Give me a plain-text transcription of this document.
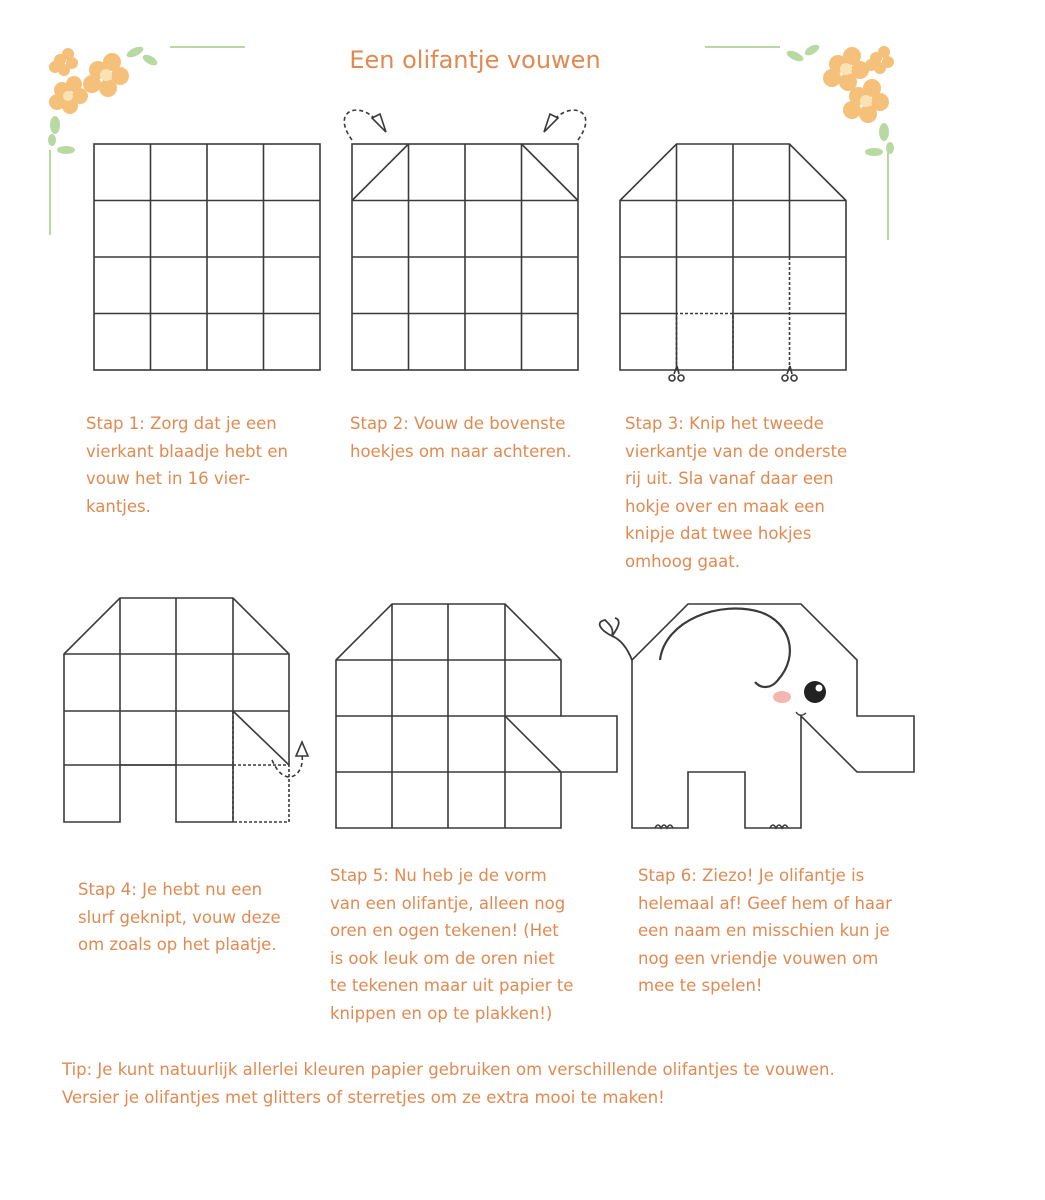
Een olifantje vouwen
Stap 1: Zorg dat je een
vierkant blaadje hebt en
vouw het in 16 vier-
kantjes.
Stap 2: Vouw de bovenste
hoekjes om naar achteren.
Stap 3: Knip het tweede
vierkantje van de onderste
rij uit. Sla vanaf daar een
hokje over en maak een
knipje dat twee hokjes
omhoog gaat.
Stap 4: Je hebt nu een
slurf geknipt, vouw deze
om zoals op het plaatje.
Stap 5: Nu heb je de vorm
van een olifantje, alleen nog
oren en ogen tekenen! (Het
is ook leuk om de oren niet
te tekenen maar uit papier te
knippen en op te plakken!)
Stap 6: Ziezo! Je olifantje is
helemaal af! Geef hem of haar
een naam en misschien kun je
nog een vriendje vouwen om
mee te spelen!
Tip: Je kunt natuurlijk allerlei kleuren papier gebruiken om verschillende olifantjes te vouwen.
Versier je olifantjes met glitters of sterretjes om ze extra mooi te maken!
